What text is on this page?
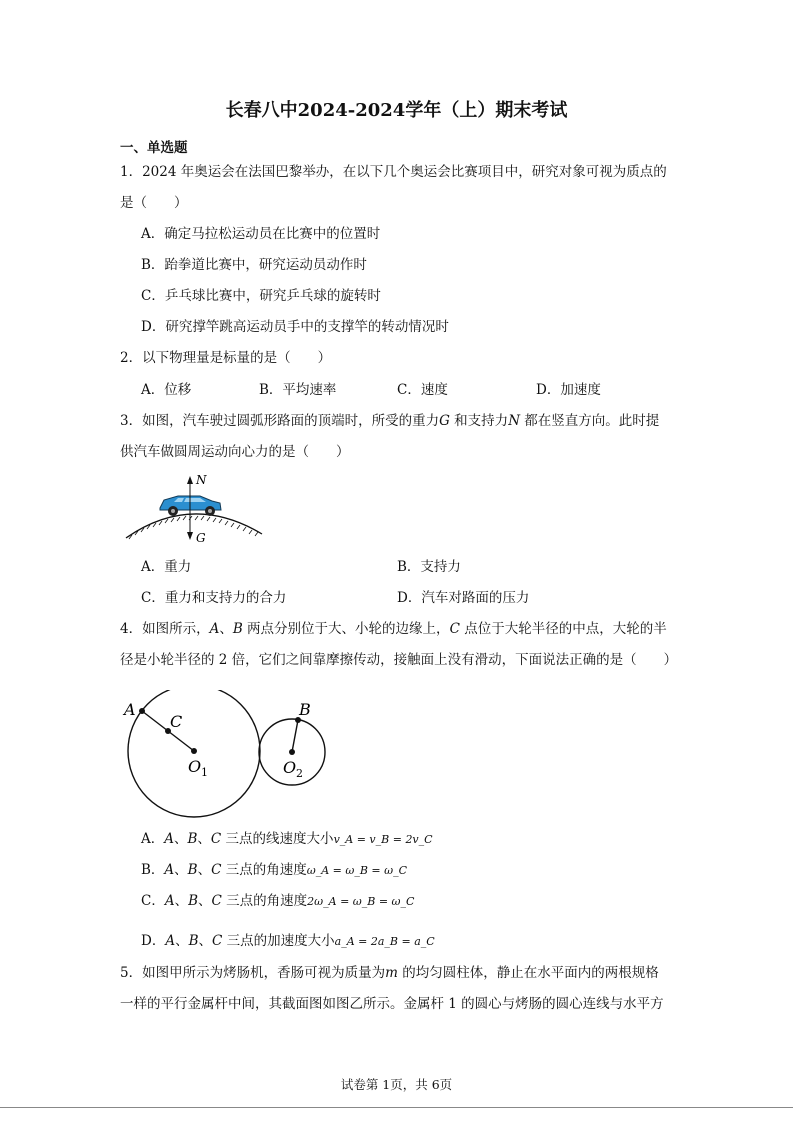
长春八中2024-2024学年（上）期末考试
一、单选题
1．2024 年奥运会在法国巴黎举办，在以下几个奥运会比赛项目中，研究对象可视为质点的
是（　　）
A．确定马拉松运动员在比赛中的位置时
B．跆拳道比赛中，研究运动员动作时
C．乒乓球比赛中，研究乒乓球的旋转时
D．研究撑竿跳高运动员手中的支撑竿的转动情况时
2．以下物理量是标量的是（　　）
A．位移	B．平均速率	C．速度	D．加速度
3．如图，汽车驶过圆弧形路面的顶端时，所受的重力G 和支持力N 都在竖直方向。此时提
供汽车做圆周运动向心力的是（　　）
N
G
A．重力	B．支持力
C．重力和支持力的合力	D．汽车对路面的压力
4．如图所示，A、B 两点分别位于大、小轮的边缘上，C 点位于大轮半径的中点，大轮的半
径是小轮半径的 2 倍，它们之间靠摩擦传动，接触面上没有滑动，下面说法正确的是（　　）
A
C
B
O 1	O 2
A．A、B、C 三点的线速度大小v_A = v_B = 2v_C
B．A、B、C 三点的角速度ω_A = ω_B = ω_C
C．A、B、C 三点的角速度2ω_A = ω_B = ω_C
D．A、B、C 三点的加速度大小a_A = 2a_B = a_C
5．如图甲所示为烤肠机，香肠可视为质量为m 的均匀圆柱体，静止在水平面内的两根规格
一样的平行金属杆中间，其截面图如图乙所示。金属杆 1 的圆心与烤肠的圆心连线与水平方
试卷第 1页，共 6页
